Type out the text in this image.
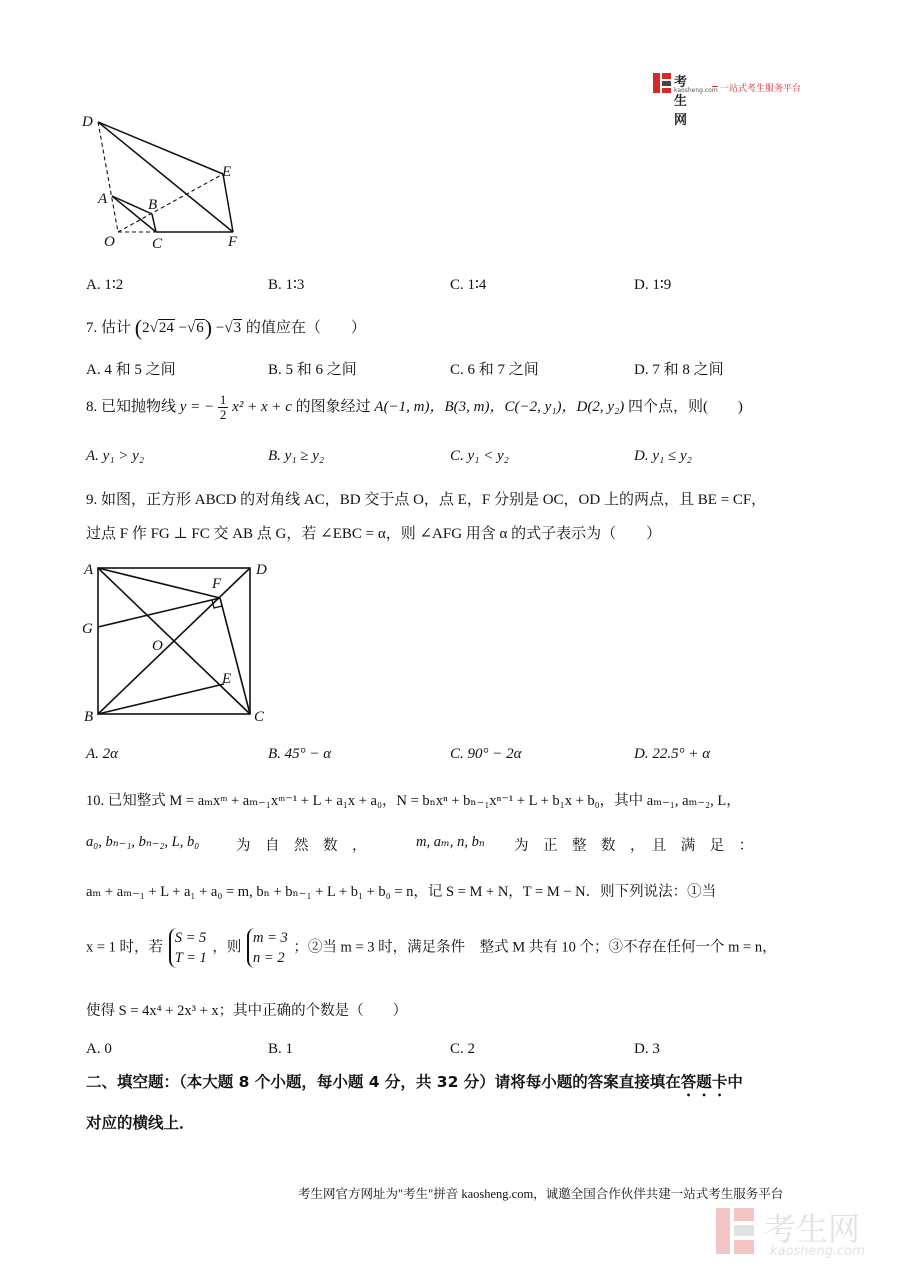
考生网
kaosheng.com 一站式考生服务平台
D
E
A	B
O C	F
A. 1∶2	B. 1∶3	C. 1∶4	D. 1∶9
7. 估计 (2√24 −√6) −√3 的值应在（　　）
A. 4 和 5 之间	B. 5 和 6 之间	C. 6 和 7 之间	D. 7 和 8 之间
8. 已知抛物线 y = − $\frac{1}{2} x^2 + x + c$ 的图象经过 A(−1, m)，B(3, m)，C(−2, y₁)，D(2, y₂) 四个点，则(　　)
A. y₁ > y₂	B. y₁ ≥ y₂	C. y₁ < y₂	D. y₁ ≤ y₂
9. 如图，正方形 ABCD 的对角线 AC，BD 交于点 O，点 E，F 分别是 OC，OD 上的两点，且 BE = CF，
过点 F 作 FG ⊥ FC 交 AB 点 G，若 ∠EBC = α，则 ∠AFG 用含 α 的式子表示为（　　）
A	D
F
G
O
E
B	C
A. 2α	B. 45° − α	C. 90° − 2α	D. 22.5° + α
10. 已知整式 M = aₘxᵐ + aₘ₋₁xᵐ⁻¹ + L + a₁x + a₀，N = bₙxⁿ + bₙ₋₁xⁿ⁻¹ + L + b₁x + b₀，其中 aₘ₋₁, aₘ₋₂, L，
a₀, bₙ₋₁, bₙ₋₂, L, b₀	为　自　然　数　，	m, aₘ, n, bₙ 为　正　整　数　，　且　满　足　：
aₘ + aₘ₋₁ + L + a₁ + a₀ = m, bₙ + bₙ₋₁ + L + b₁ + b₀ = n，记 S = M + N，T = M − N．则下列说法：①当
x = 1 时，若
S = 5
T = 1
，则
m = 3
n = 2
；②当 m = 3 时，满足条件　整式 M 共有 10 个；③不存在任何一个 m = n，
使得 S = 4x⁴ + 2x³ + x；其中正确的个数是（　　）
A. 0	B. 1	C. 2	D. 3
二、填空题：（本大题 8 个小题，每小题 4 分，共 32 分）请将每小题的答案直接填在答题卡中
对应的横线上．
考生网官方网址为"考生"拼音 kaosheng.com，诚邀全国合作伙伴共建一站式考生服务平台
考生网
kaosheng.com
